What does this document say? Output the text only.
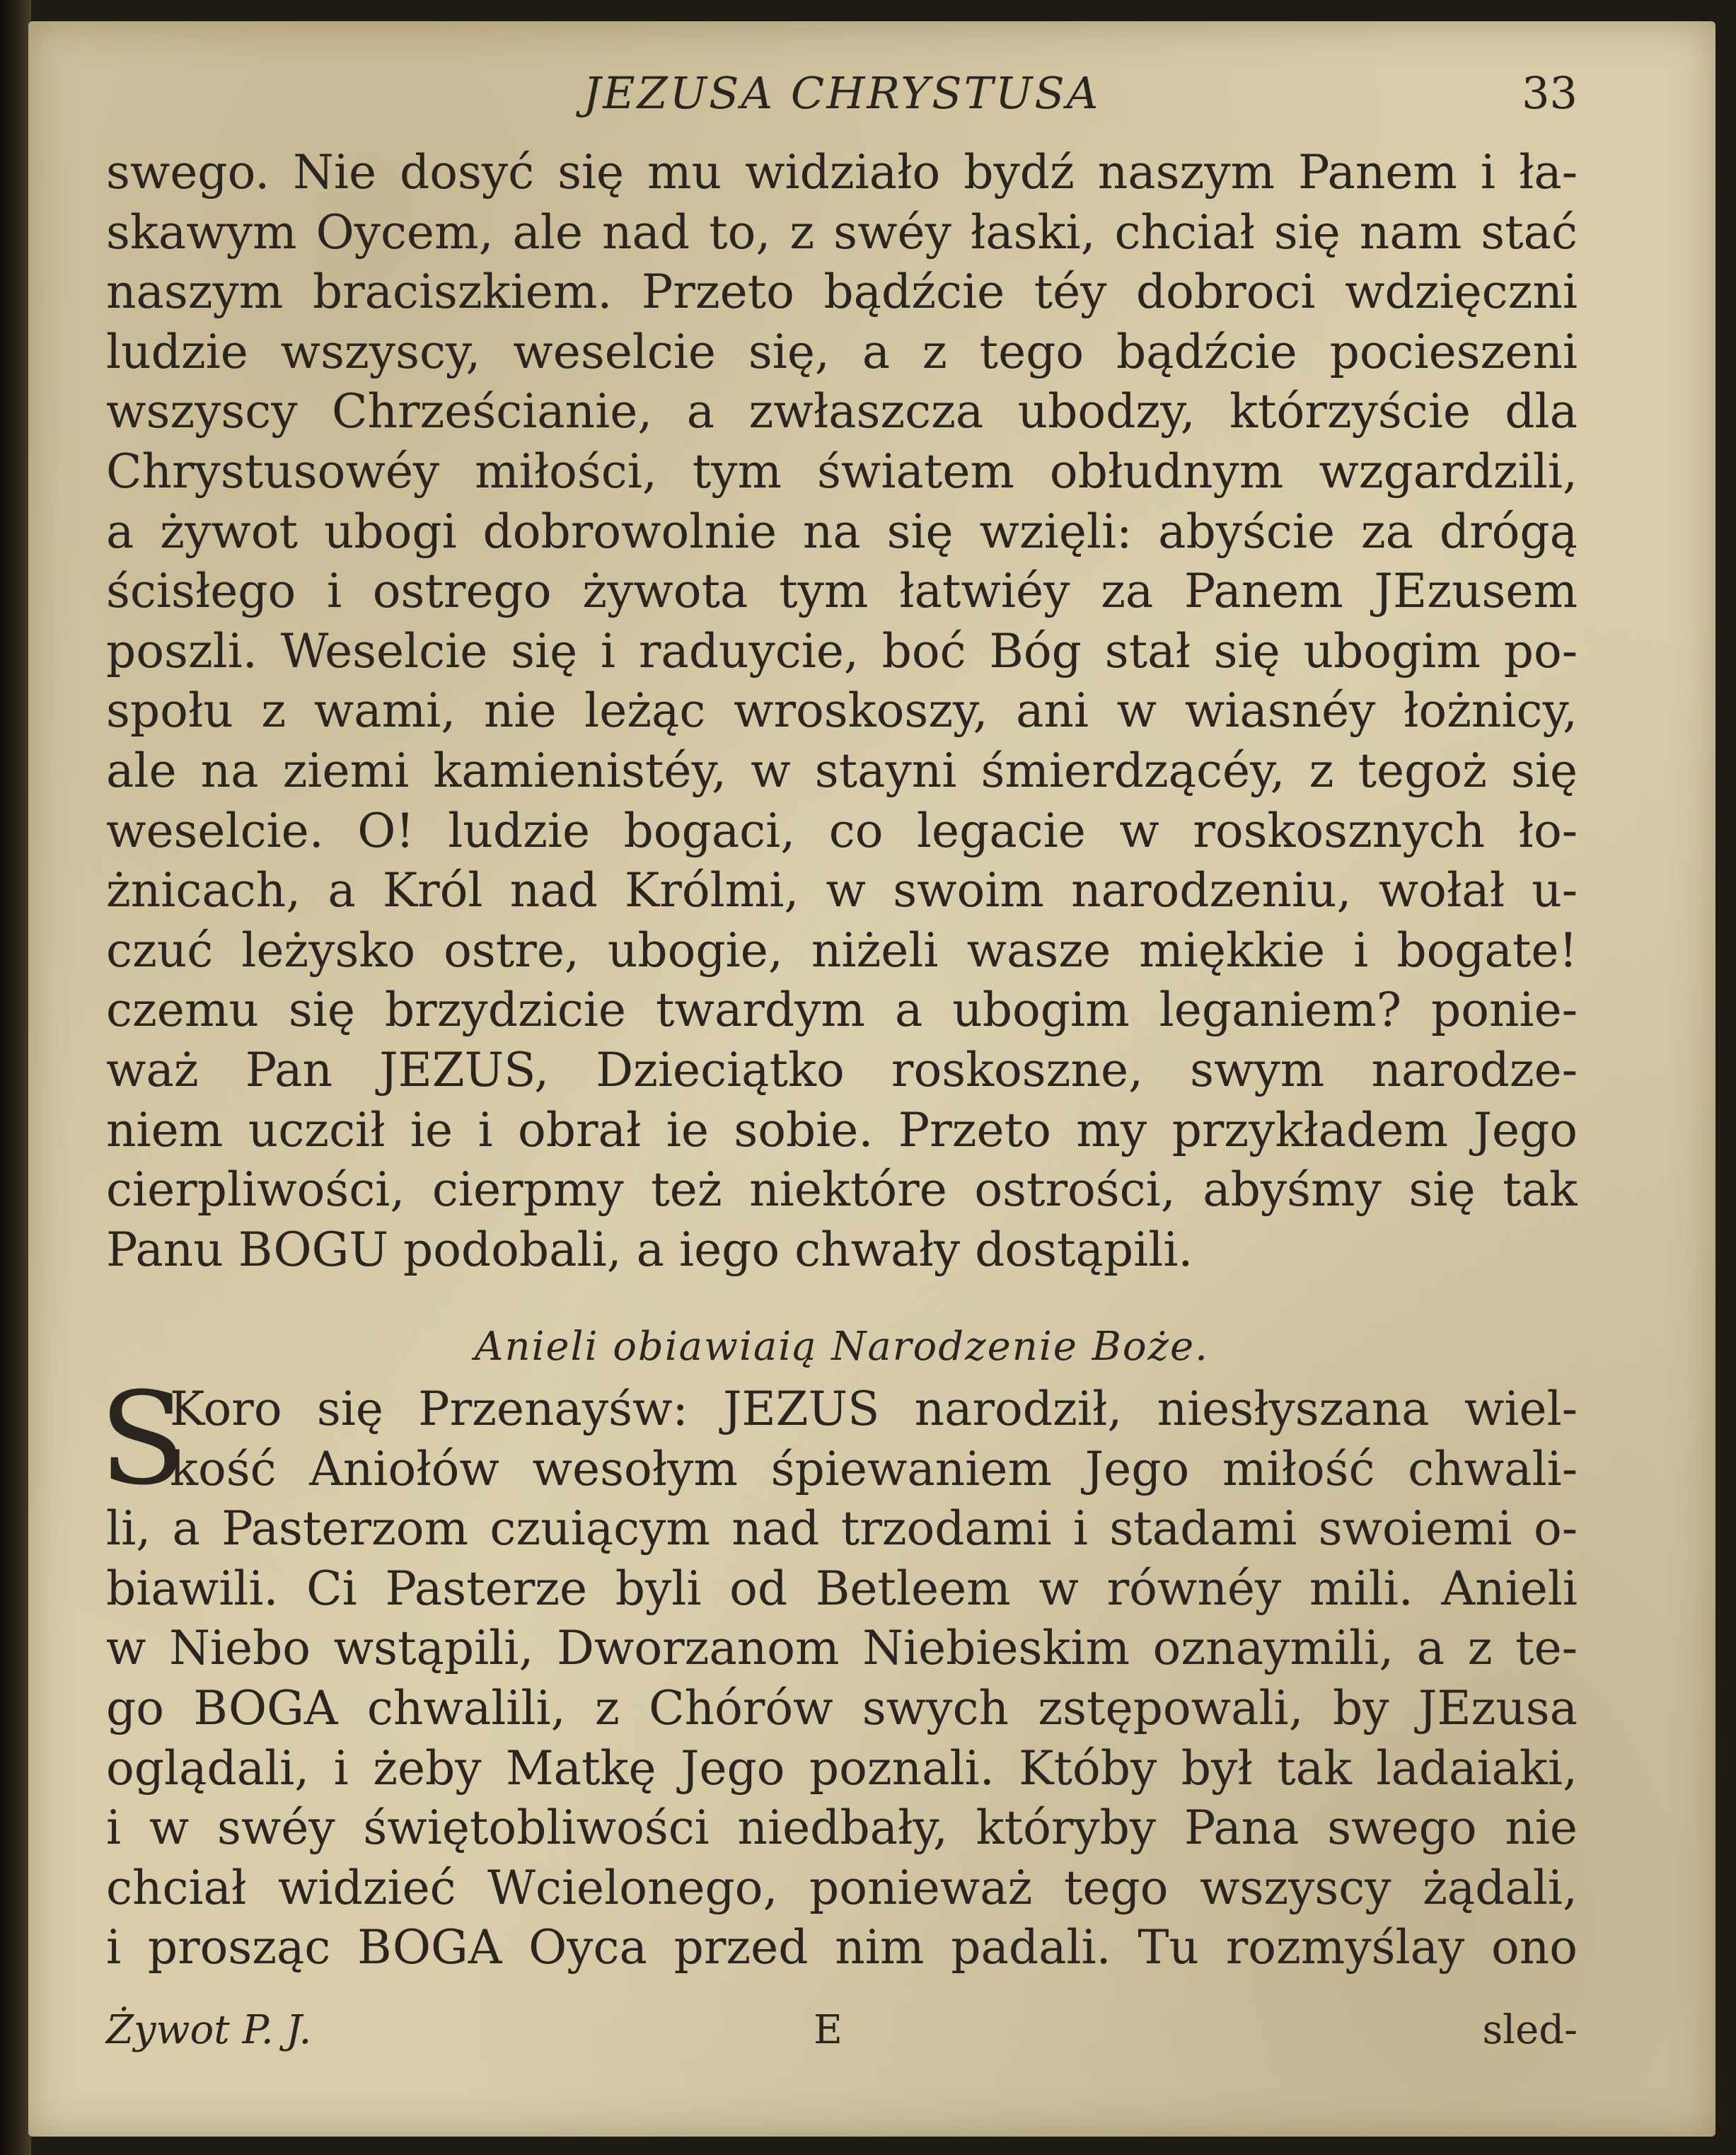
JEZUSA CHRYSTUSA	33
swego. Nie dosyć się mu widziało bydź naszym Panem i ła-
skawym Oycem, ale nad to, z swéy łaski, chciał się nam stać
naszym braciszkiem. Przeto bądźcie téy dobroci wdzięczni
ludzie wszyscy, weselcie się, a z tego bądźcie pocieszeni
wszyscy Chrześcianie, a zwłaszcza ubodzy, którzyście dla
Chrystusowéy miłości, tym światem obłudnym wzgardzili,
a żywot ubogi dobrowolnie na się wzięli: abyście za drógą
ścisłego i ostrego żywota tym łatwiéy za Panem JEzusem
poszli. Weselcie się i raduycie, boć Bóg stał się ubogim po-
społu z wami, nie leżąc wroskoszy, ani w wiasnéy łożnicy,
ale na ziemi kamienistéy, w stayni śmierdzącéy, z tegoż się
weselcie. O! ludzie bogaci, co legacie w roskosznych ło-
żnicach, a Król nad Królmi, w swoim narodzeniu, wołał u-
czuć leżysko ostre, ubogie, niżeli wasze miękkie i bogate!
czemu się brzydzicie twardym a ubogim leganiem? ponie-
waż Pan JEZUS, Dzieciątko roskoszne, swym narodze-
niem uczcił ie i obrał ie sobie. Przeto my przykładem Jego
cierpliwości, cierpmy też niektóre ostrości, abyśmy się tak
Panu BOGU podobali, a iego chwały dostąpili.
Anieli obiawiaią Narodzenie Boże.
S
Koro się Przenayśw: JEZUS narodził, niesłyszana wiel-
kość Aniołów wesołym śpiewaniem Jego miłość chwali-
li, a Pasterzom czuiącym nad trzodami i stadami swoiemi o-
biawili. Ci Pasterze byli od Betleem w równéy mili. Anieli
w Niebo wstąpili, Dworzanom Niebieskim oznaymili, a z te-
go BOGA chwalili, z Chórów swych zstępowali, by JEzusa
oglądali, i żeby Matkę Jego poznali. Któby był tak ladaiaki,
i w swéy świętobliwości niedbały, któryby Pana swego nie
chciał widzieć Wcielonego, ponieważ tego wszyscy żądali,
i prosząc BOGA Oyca przed nim padali. Tu rozmyślay ono
Żywot P. J.	E	sled-
